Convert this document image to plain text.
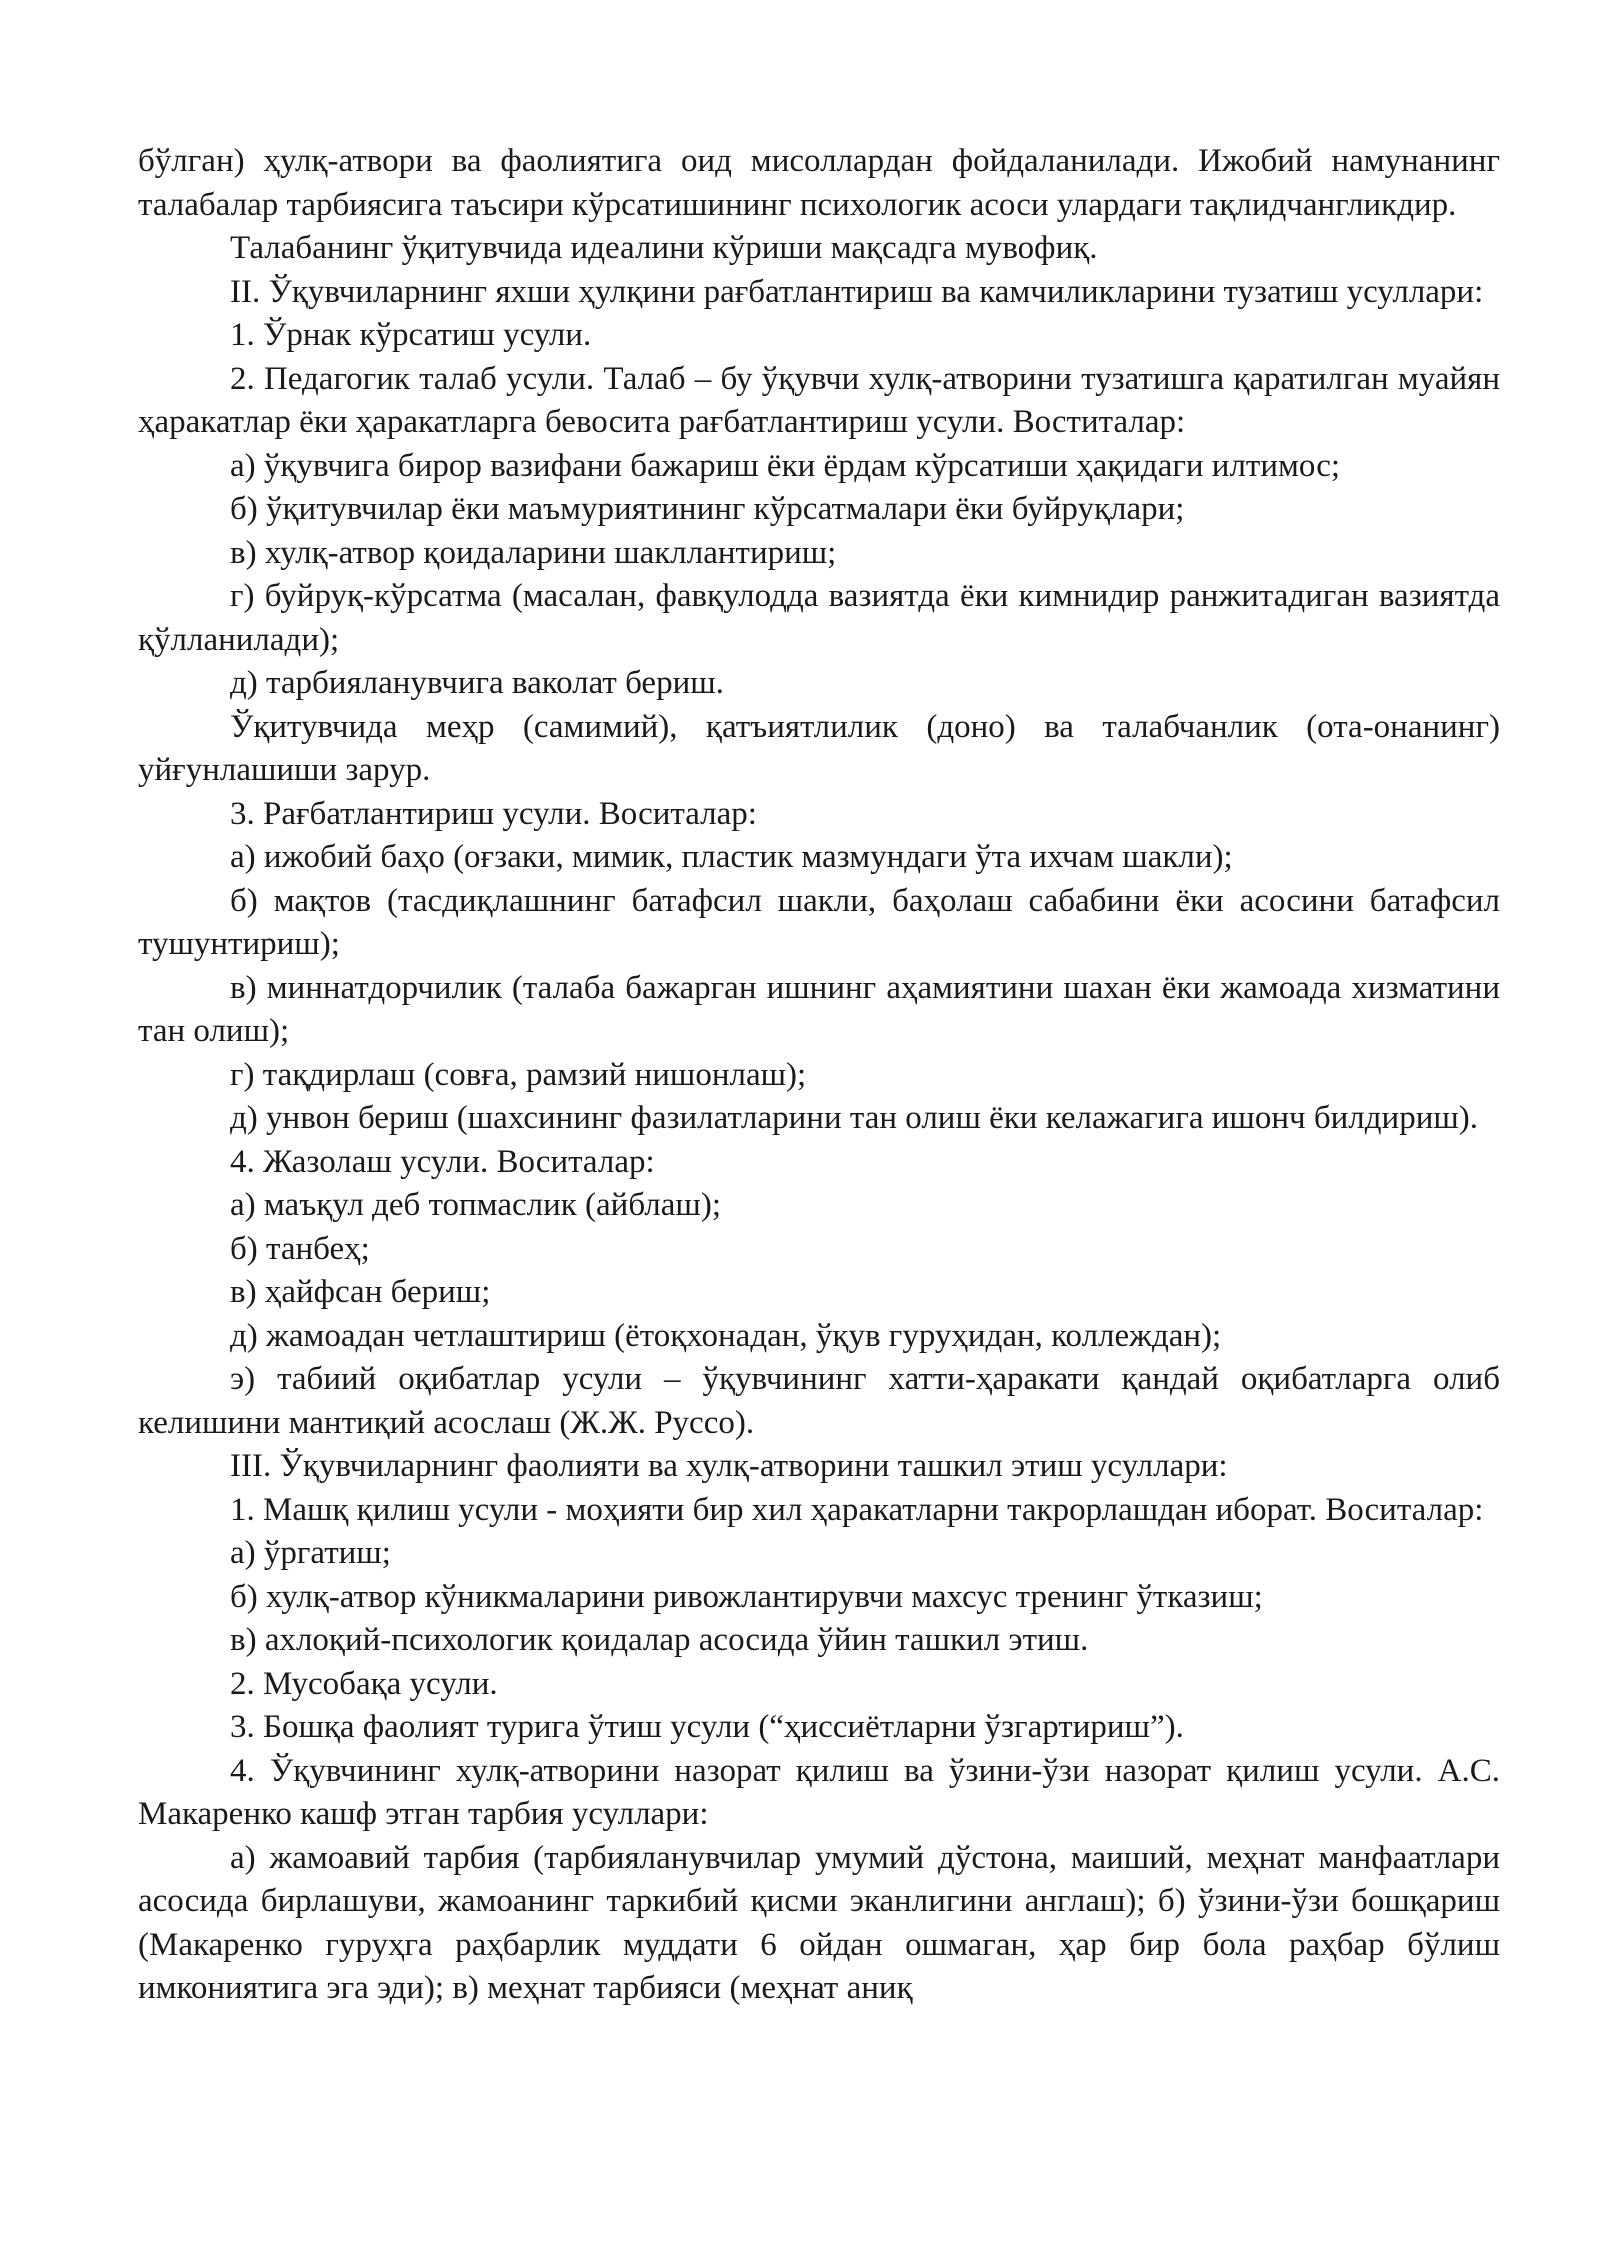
бўлган) ҳулқ-атвори ва фаолиятига оид мисоллардан фойдаланилади. Ижобий намунанинг талабалар тарбиясига таъсири кўрсатишининг психологик асоси улардаги тақлидчангликдир.

Талабанинг ўқитувчида идеалини кўриши мақсадга мувофиқ.

II. Ўқувчиларнинг яхши ҳулқини рағбатлантириш ва камчиликларини тузатиш усуллари:

1. Ўрнак кўрсатиш усули.

2. Педагогик талаб усули. Талаб – бу ўқувчи хулқ-атворини тузатишга қаратилган муайян ҳаракатлар ёки ҳаракатларга бевосита рағбатлантириш усули. Воститалар:

а) ўқувчига бирор вазифани бажариш ёки ёрдам кўрсатиши ҳақидаги илтимос;

б) ўқитувчилар ёки маъмуриятининг кўрсатмалари ёки буйруқлари;

в) хулқ-атвор қоидаларини шакллантириш;

г) буйруқ-кўрсатма (масалан, фавқулодда вазиятда ёки кимнидир ранжитадиган вазиятда қўлланилади);

д) тарбияланувчига ваколат бериш.

Ўқитувчида меҳр (самимий), қатъиятлилик (доно) ва талабчанлик (ота-онанинг) уйғунлашиши зарур.

3. Рағбатлантириш усули. Воситалар:

а) ижобий баҳо (оғзаки, мимик, пластик мазмундаги ўта ихчам шакли);

б) мақтов (тасдиқлашнинг батафсил шакли, баҳолаш сабабини ёки асосини батафсил тушунтириш);

в) миннатдорчилик (талаба бажарган ишнинг аҳамиятини шахан ёки жамоада хизматини тан олиш);

г) тақдирлаш (совға, рамзий нишонлаш);

д) унвон бериш (шахсининг фазилатларини тан олиш ёки келажагига ишонч билдириш).

4. Жазолаш усули. Воситалар:

а) маъқул деб топмаслик (айблаш);

б) танбеҳ;

в) ҳайфсан бериш;

д) жамоадан четлаштириш (ётоқхонадан, ўқув гуруҳидан, коллеждан);

э) табиий оқибатлар усули – ўқувчининг хатти-ҳаракати қандай оқибатларга олиб келишини мантиқий асослаш (Ж.Ж. Руссо).

III. Ўқувчиларнинг фаолияти ва хулқ-атворини ташкил этиш усуллари:

1. Машқ қилиш усули - моҳияти бир хил ҳаракатларни такрорлашдан иборат. Воситалар:

а) ўргатиш;

б) хулқ-атвор кўникмаларини ривожлантирувчи махсус тренинг ўтказиш;

в) ахлоқий-психологик қоидалар асосида ўйин ташкил этиш.

2. Мусобақа усули.

3. Бошқа фаолият турига ўтиш усули (“ҳиссиётларни ўзгартириш”).

4. Ўқувчининг хулқ-атворини назорат қилиш ва ўзини-ўзи назорат қилиш усули. А.С. Макаренко кашф этган тарбия усуллари:

а) жамоавий тарбия (тарбияланувчилар умумий дўстона, маиший, меҳнат манфаатлари асосида бирлашуви, жамоанинг таркибий қисми эканлигини англаш); б) ўзини-ўзи бошқариш (Макаренко гуруҳга раҳбарлик муддати 6 ойдан ошмаган, ҳар бир бола раҳбар бўлиш имкониятига эга эди); в) меҳнат тарбияси (меҳнат аниқ
